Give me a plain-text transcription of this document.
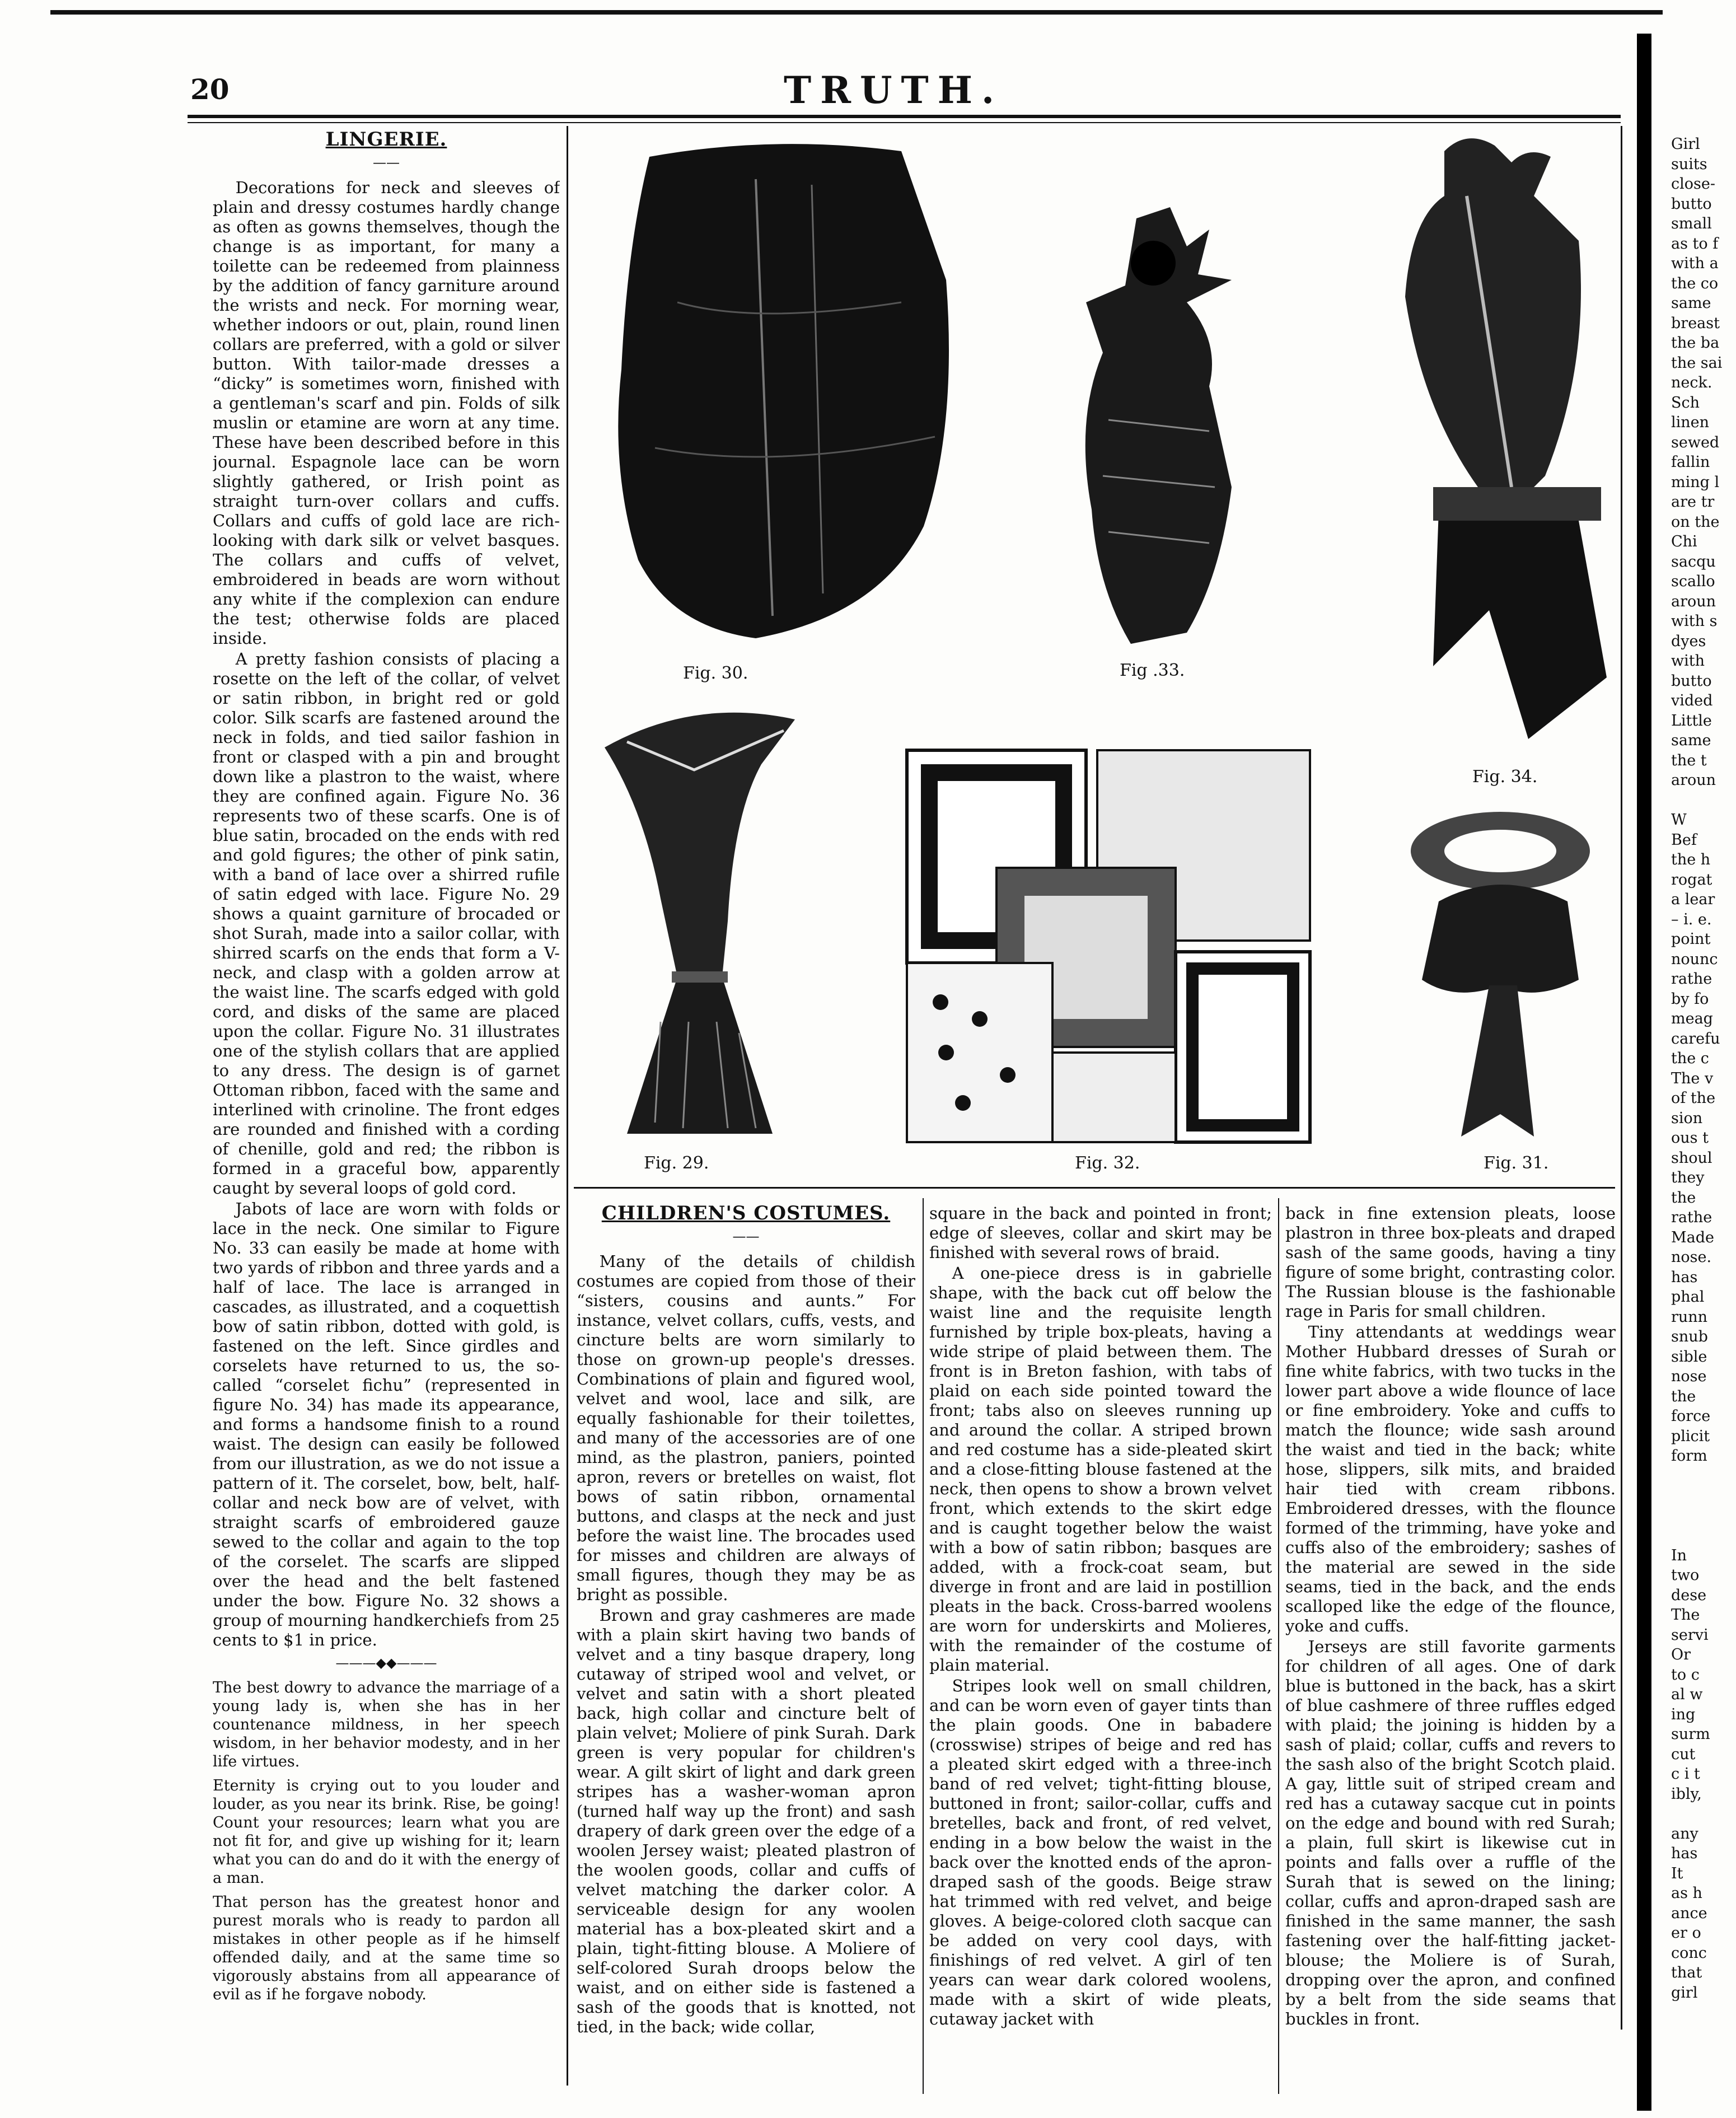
20	TRUTH.
LINGERIE.
——

Decorations for neck and sleeves of plain and dressy costumes hardly change as often as gowns themselves, though the change is as important, for many a toilette can be redeemed from plainness by the addition of fancy garniture around the wrists and neck. For morning wear, whether indoors or out, plain, round linen collars are preferred, with a gold or silver button. With tailor-made dresses a “dicky” is sometimes worn, finished with a gentleman's scarf and pin. Folds of silk muslin or etamine are worn at any time. These have been described before in this journal. Espagnole lace can be worn slightly gathered, or Irish point as straight turn-over collars and cuffs. Collars and cuffs of gold lace are rich-looking with dark silk or velvet basques. The collars and cuffs of velvet, embroidered in beads are worn without any white if the complexion can endure the test; otherwise folds are placed inside.

A pretty fashion consists of placing a rosette on the left of the collar, of velvet or satin ribbon, in bright red or gold color. Silk scarfs are fastened around the neck in folds, and tied sailor fashion in front or clasped with a pin and brought down like a plastron to the waist, where they are confined again. Figure No. 36 represents two of these scarfs. One is of blue satin, brocaded on the ends with red and gold figures; the other of pink satin, with a band of lace over a shirred rufile of satin edged with lace. Figure No. 29 shows a quaint garniture of brocaded or shot Surah, made into a sailor collar, with shirred scarfs on the ends that form a V-neck, and clasp with a golden arrow at the waist line. The scarfs edged with gold cord, and disks of the same are placed upon the collar. Figure No. 31 illustrates one of the stylish collars that are applied to any dress. The design is of garnet Ottoman ribbon, faced with the same and interlined with crinoline. The front edges are rounded and finished with a cording of chenille, gold and red; the ribbon is formed in a graceful bow, apparently caught by several loops of gold cord.

Jabots of lace are worn with folds or lace in the neck. One similar to Figure No. 33 can easily be made at home with two yards of ribbon and three yards and a half of lace. The lace is arranged in cascades, as illustrated, and a coquettish bow of satin ribbon, dotted with gold, is fastened on the left. Since girdles and corselets have returned to us, the so-called “corselet fichu” (represented in figure No. 34) has made its appearance, and forms a handsome finish to a round waist. The design can easily be followed from our illustration, as we do not issue a pattern of it. The corselet, bow, belt, half-collar and neck bow are of velvet, with straight scarfs of embroidered gauze sewed to the collar and again to the top of the corselet. The scarfs are slipped over the head and the belt fastened under the bow. Figure No. 32 shows a group of mourning handkerchiefs from 25 cents to $1 in price.

———◆◆———

The best dowry to advance the marriage of a young lady is, when she has in her countenance mildness, in her speech wisdom, in her behavior modesty, and in her life virtues.

Eternity is crying out to you louder and louder, as you near its brink. Rise, be going! Count your resources; learn what you are not fit for, and give up wishing for it; learn what you can do and do it with the energy of a man.

That person has the greatest honor and purest morals who is ready to pardon all mistakes in other people as if he himself offended daily, and at the same time so vigorously abstains from all appearance of evil as if he forgave nobody.

Fig. 30.	Fig .33.
Fig. 34.
Fig. 29.	Fig. 32.	Fig. 31.
CHILDREN'S COSTUMES.
——

Many of the details of childish costumes are copied from those of their “sisters, cousins and aunts.” For instance, velvet collars, cuffs, vests, and cincture belts are worn similarly to those on grown-up people's dresses. Combinations of plain and figured wool, velvet and wool, lace and silk, are equally fashionable for their toilettes, and many of the accessories are of one mind, as the plastron, paniers, pointed apron, revers or bretelles on waist, flot bows of satin ribbon, ornamental buttons, and clasps at the neck and just before the waist line. The brocades used for misses and children are always of small figures, though they may be as bright as possible.

Brown and gray cashmeres are made with a plain skirt having two bands of velvet and a tiny basque drapery, long cutaway of striped wool and velvet, or velvet and satin with a short pleated back, high collar and cincture belt of plain velvet; Moliere of pink Surah. Dark green is very popular for children's wear. A gilt skirt of light and dark green stripes has a washer-woman apron (turned half way up the front) and sash drapery of dark green over the edge of a woolen Jersey waist; pleated plastron of the woolen goods, collar and cuffs of velvet matching the darker color. A serviceable design for any woolen material has a box-pleated skirt and a plain, tight-fitting blouse. A Moliere of self-colored Surah droops below the waist, and on either side is fastened a sash of the goods that is knotted, not tied, in the back; wide collar,

square in the back and pointed in front; edge of sleeves, collar and skirt may be finished with several rows of braid.

A one-piece dress is in gabrielle shape, with the back cut off below the waist line and the requisite length furnished by triple box-pleats, having a wide stripe of plaid between them. The front is in Breton fashion, with tabs of plaid on each side pointed toward the front; tabs also on sleeves running up and around the collar. A striped brown and red costume has a side-pleated skirt and a close-fitting blouse fastened at the neck, then opens to show a brown velvet front, which extends to the skirt edge and is caught together below the waist with a bow of satin ribbon; basques are added, with a frock-coat seam, but diverge in front and are laid in postillion pleats in the back. Cross-barred woolens are worn for underskirts and Molieres, with the remainder of the costume of plain material.

Stripes look well on small children, and can be worn even of gayer tints than the plain goods. One in babadere (crosswise) stripes of beige and red has a pleated skirt edged with a three-inch band of red velvet; tight-fitting blouse, buttoned in front; sailor-collar, cuffs and bretelles, back and front, of red velvet, ending in a bow below the waist in the back over the knotted ends of the apron-draped sash of the goods. Beige straw hat trimmed with red velvet, and beige gloves. A beige-colored cloth sacque can be added on very cool days, with finishings of red velvet. A girl of ten years can wear dark colored woolens, made with a skirt of wide pleats, cutaway jacket with

back in fine extension pleats, loose plastron in three box-pleats and draped sash of the same goods, having a tiny figure of some bright, contrasting color. The Russian blouse is the fashionable rage in Paris for small children.

Tiny attendants at weddings wear Mother Hubbard dresses of Surah or fine white fabrics, with two tucks in the lower part above a wide flounce of lace or fine embroidery. Yoke and cuffs to match the flounce; wide sash around the waist and tied in the back; white hose, slippers, silk mits, and braided hair tied with cream ribbons. Embroidered dresses, with the flounce formed of the trimming, have yoke and cuffs also of the embroidery; sashes of the material are sewed in the side seams, tied in the back, and the ends scalloped like the edge of the flounce, yoke and cuffs.

Jerseys are still favorite garments for children of all ages. One of dark blue is buttoned in the back, has a skirt of blue cashmere of three ruffles edged with plaid; the joining is hidden by a sash of plaid; collar, cuffs and revers to the sash also of the bright Scotch plaid. A gay, little suit of striped cream and red has a cutaway sacque cut in points on the edge and bound with red Surah; a plain, full skirt is likewise cut in points and falls over a ruffle of the Surah that is sewed on the lining; collar, cuffs and apron-draped sash are finished in the same manner, the sash fastening over the half-fitting jacket-blouse; the Moliere is of Surah, dropping over the apron, and confined by a belt from the side seams that buckles in front.

Girl
suits
close-
butto
small
as to f
with a
the co
same
breast
the ba
the sai
neck.
Sch
linen
sewed
fallin
ming l
are tr
on the
Chi
sacqu
scallo
aroun
with s
dyes
with
butto
vided
Little
same
the t
aroun

W
Bef
the h
rogat
a lear
– i. e.
point
nounc
rathe
by fo
meag
carefu
the c
The v
of the
sion
ous t
shoul
they
the
rathe
Made
nose.
has
phal
runn
snub
sible
nose
the
force
plicit
form

In
two
dese
The
servi
Or
to c
al w
ing
surm
cut
c i t
ibly,

any
has
It
as h
ance
er o
conc
that
girl
